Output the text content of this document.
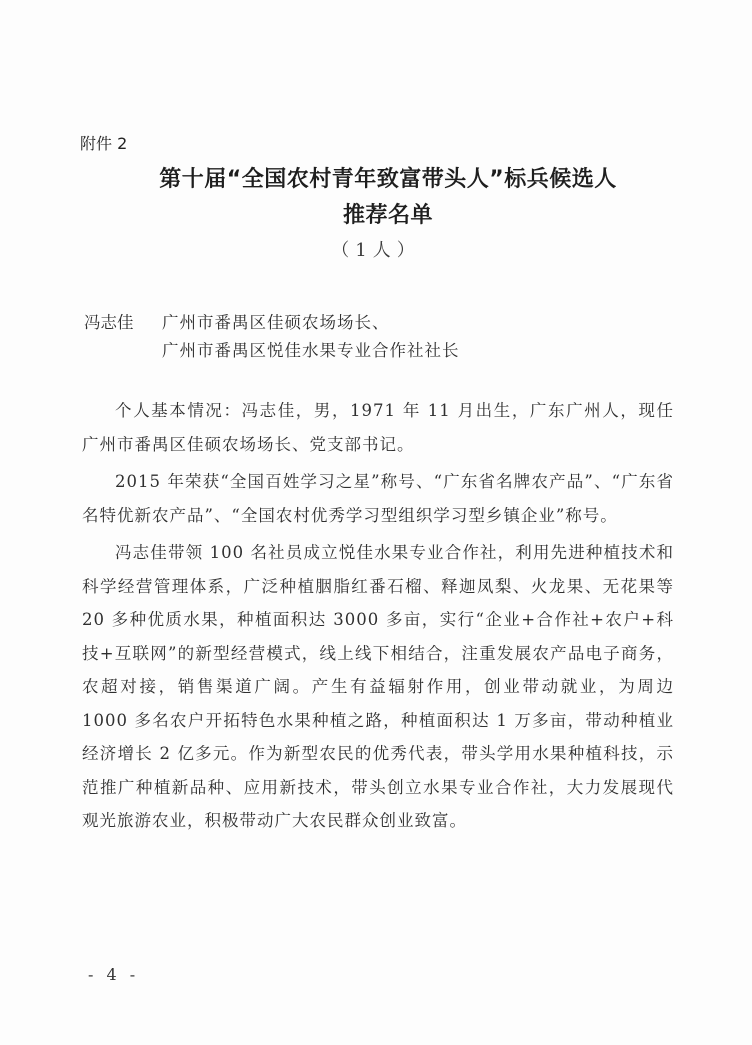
附件 2
第十届“全国农村青年致富带头人”标兵候选人
推荐名单
（1人）
冯志佳 广州市番禺区佳硕农场场长、
广州市番禺区悦佳水果专业合作社社长

个人基本情况：冯志佳，男，1971 年 11 月出生，广东广州人，现任广州市番禺区佳硕农场场长、党支部书记。

2015 年荣获“全国百姓学习之星”称号、“广东省名牌农产品”、“广东省名特优新农产品”、“全国农村优秀学习型组织学习型乡镇企业”称号。

冯志佳带领 100 名社员成立悦佳水果专业合作社，利用先进种植技术和科学经营管理体系，广泛种植胭脂红番石榴、释迦凤梨、火龙果、无花果等 20 多种优质水果，种植面积达 3000 多亩，实行“企业+合作社+农户+科技+互联网”的新型经营模式，线上线下相结合，注重发展农产品电子商务，农超对接，销售渠道广阔。产生有益辐射作用，创业带动就业，为周边 1000 多名农户开拓特色水果种植之路，种植面积达 1 万多亩，带动种植业经济增长 2 亿多元。作为新型农民的优秀代表，带头学用水果种植科技，示范推广种植新品种、应用新技术，带头创立水果专业合作社，大力发展现代观光旅游农业，积极带动广大农民群众创业致富。

- 4 -
